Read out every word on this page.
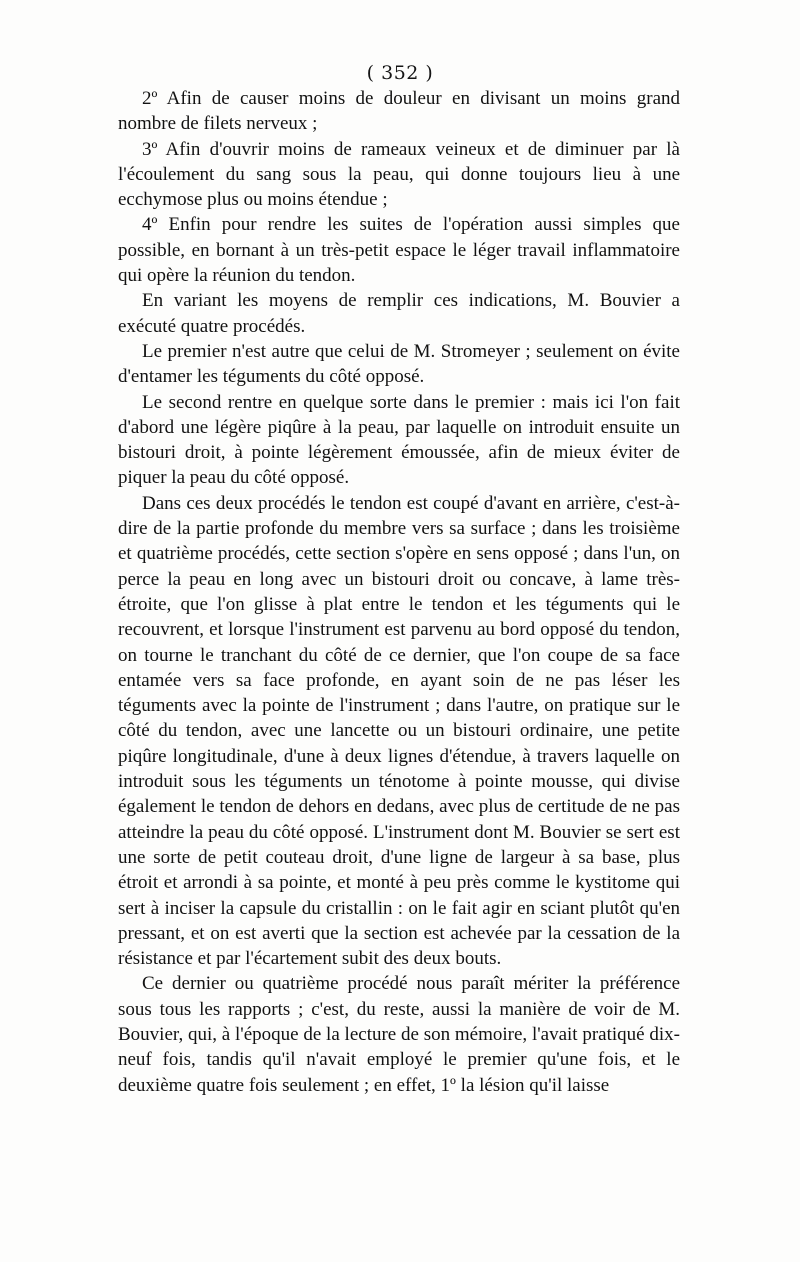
( 352 )

2º Afin de causer moins de douleur en divisant un moins grand nombre de filets nerveux ;

3º Afin d'ouvrir moins de rameaux veineux et de diminuer par là l'écoulement du sang sous la peau, qui donne toujours lieu à une ecchymose plus ou moins étendue ;

4º Enfin pour rendre les suites de l'opération aussi simples que possible, en bornant à un très-petit espace le léger travail inflammatoire qui opère la réunion du tendon.

En variant les moyens de remplir ces indications, M. Bouvier a exécuté quatre procédés.

Le premier n'est autre que celui de M. Stromeyer ; seulement on évite d'entamer les téguments du côté opposé.

Le second rentre en quelque sorte dans le premier : mais ici l'on fait d'abord une légère piqûre à la peau, par laquelle on introduit ensuite un bistouri droit, à pointe légèrement émoussée, afin de mieux éviter de piquer la peau du côté opposé.

Dans ces deux procédés le tendon est coupé d'avant en arrière, c'est-à-dire de la partie profonde du membre vers sa surface ; dans les troisième et quatrième procédés, cette section s'opère en sens opposé ; dans l'un, on perce la peau en long avec un bistouri droit ou concave, à lame très-étroite, que l'on glisse à plat entre le tendon et les téguments qui le recouvrent, et lorsque l'instrument est parvenu au bord opposé du tendon, on tourne le tranchant du côté de ce dernier, que l'on coupe de sa face entamée vers sa face profonde, en ayant soin de ne pas léser les téguments avec la pointe de l'instrument ; dans l'autre, on pratique sur le côté du tendon, avec une lancette ou un bistouri ordinaire, une petite piqûre longitudinale, d'une à deux lignes d'étendue, à travers laquelle on introduit sous les téguments un ténotome à pointe mousse, qui divise également le tendon de dehors en dedans, avec plus de certitude de ne pas atteindre la peau du côté opposé. L'instrument dont M. Bouvier se sert est une sorte de petit couteau droit, d'une ligne de largeur à sa base, plus étroit et arrondi à sa pointe, et monté à peu près comme le kystitome qui sert à inciser la capsule du cristallin : on le fait agir en sciant plutôt qu'en pressant, et on est averti que la section est achevée par la cessation de la résistance et par l'écartement subit des deux bouts.

Ce dernier ou quatrième procédé nous paraît mériter la préférence sous tous les rapports ; c'est, du reste, aussi la manière de voir de M. Bouvier, qui, à l'époque de la lecture de son mémoire, l'avait pratiqué dix-neuf fois, tandis qu'il n'avait employé le premier qu'une fois, et le deuxième quatre fois seulement ; en effet, 1º la lésion qu'il laisse
